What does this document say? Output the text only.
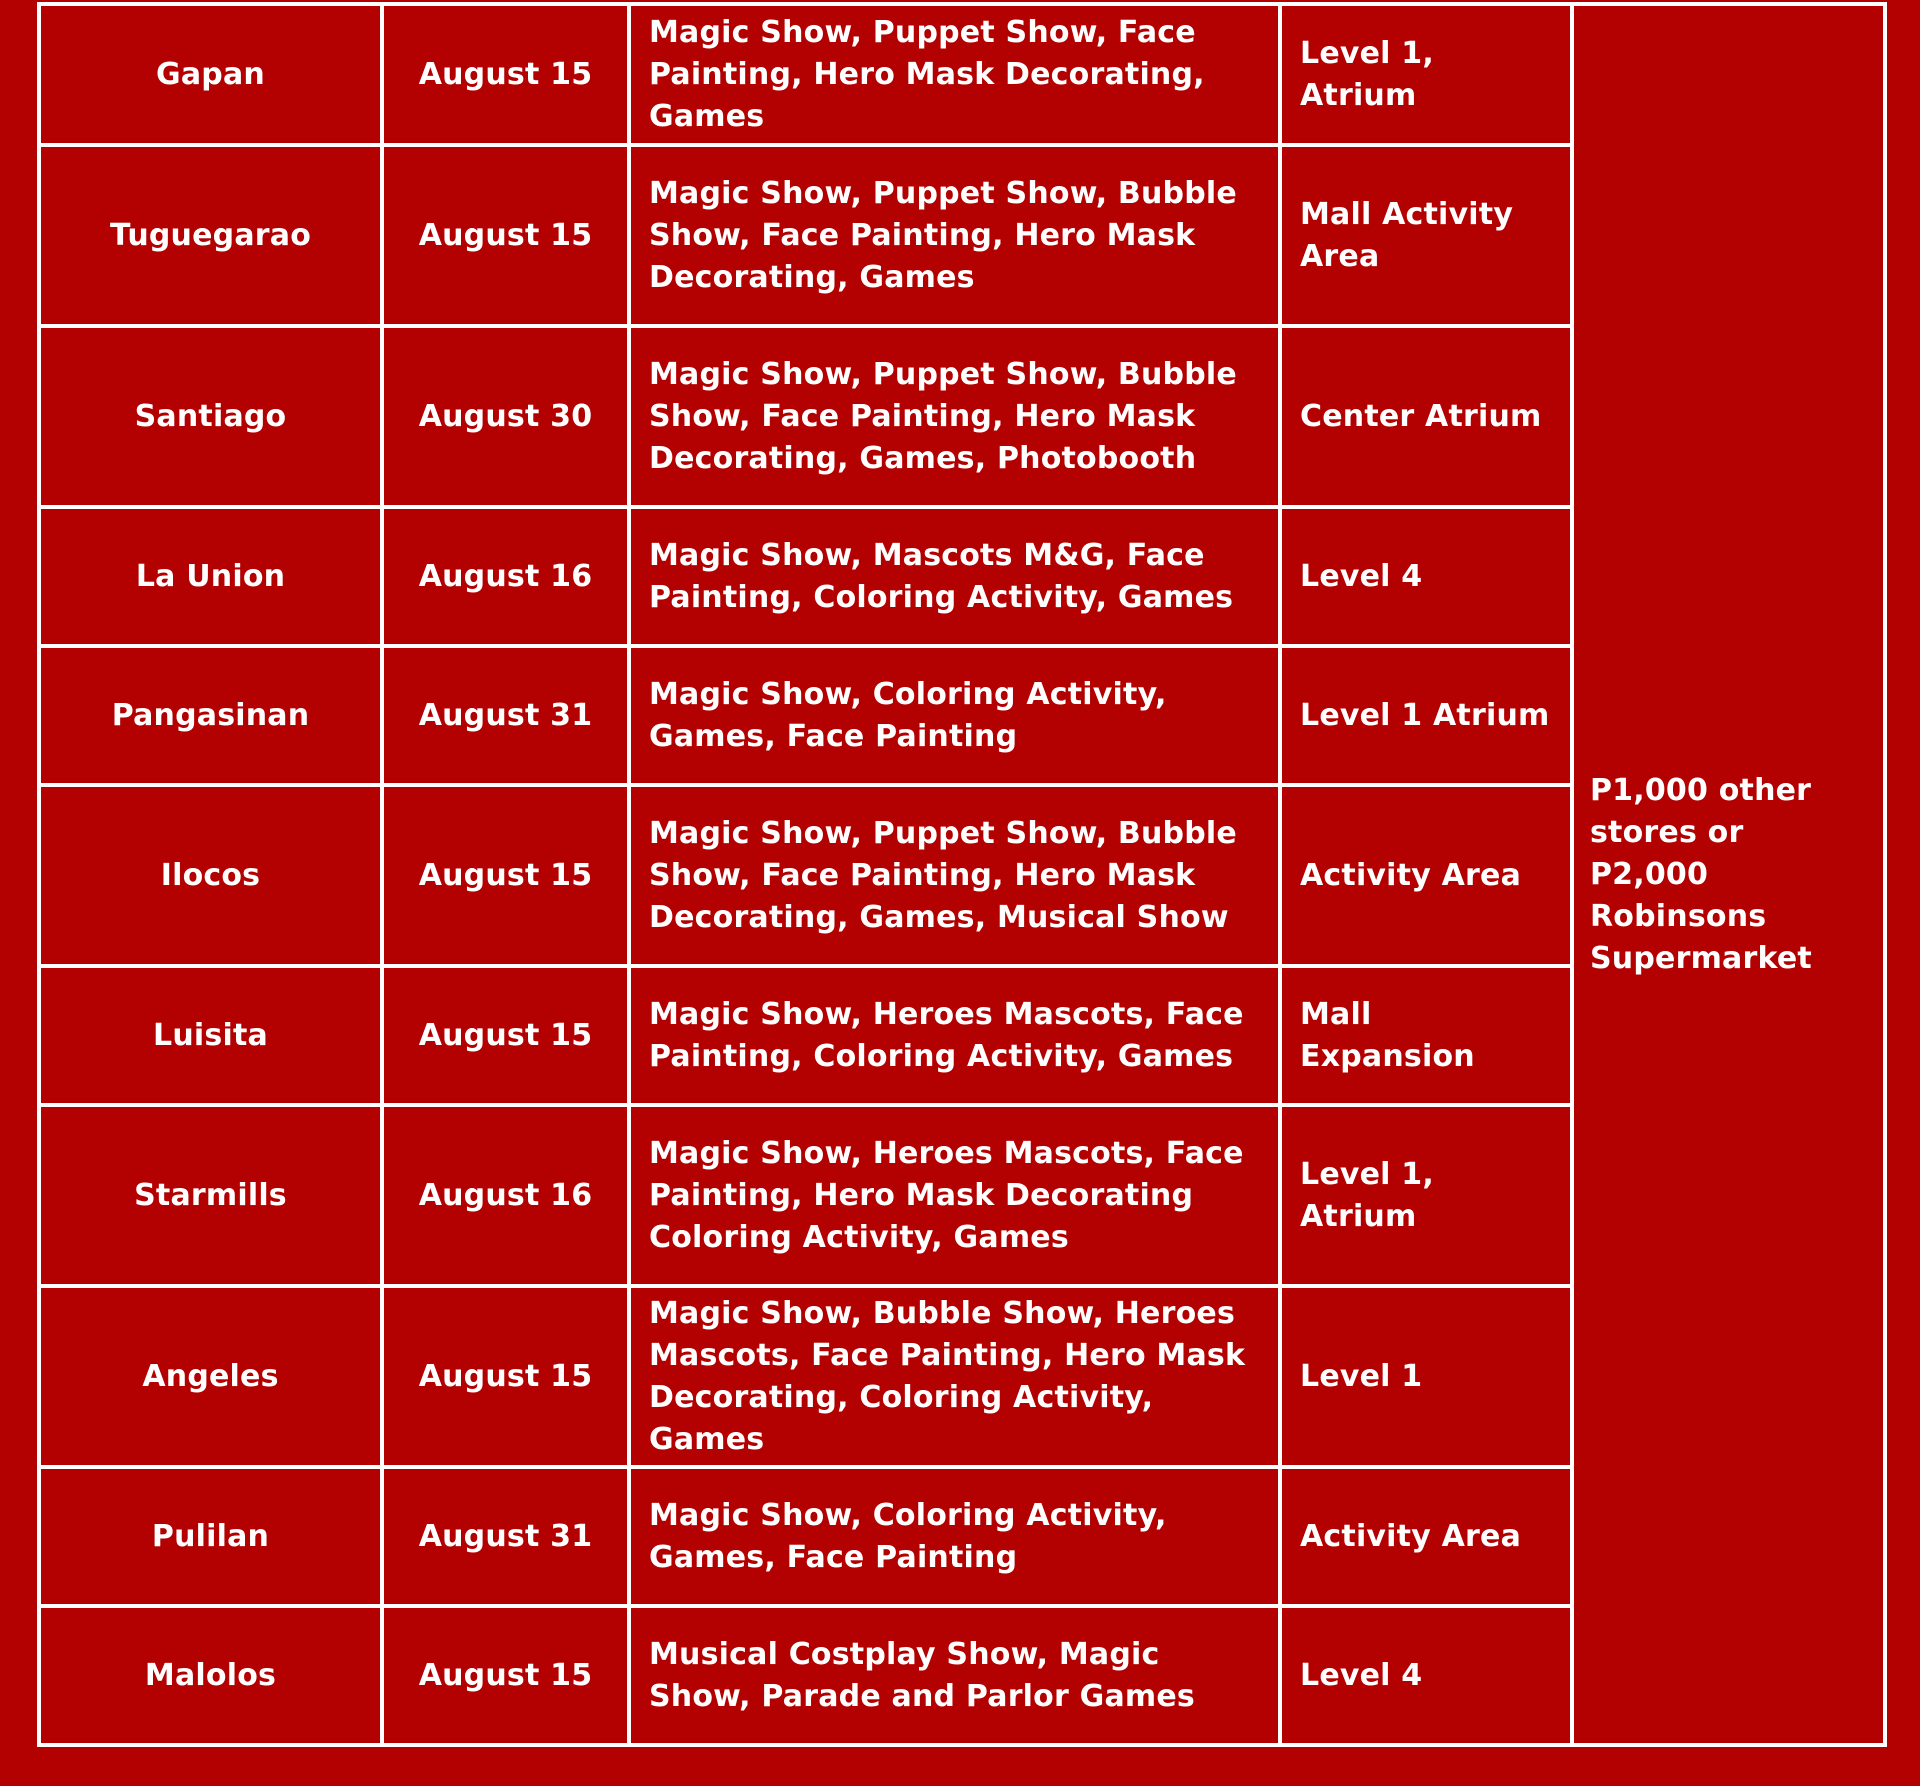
Gapan	August 15	Magic Show, Puppet Show, Face Painting, Hero Mask Decorating, Games	Level 1, Atrium	P1,000 other stores or P2,000 Robinsons Supermarket
Tuguegarao	August 15	Magic Show, Puppet Show, Bubble Show, Face Painting, Hero Mask Decorating, Games	Mall Activity Area	
Santiago	August 30	Magic Show, Puppet Show, Bubble Show, Face Painting, Hero Mask Decorating, Games, Photobooth	Center Atrium	
La Union	August 16	Magic Show, Mascots M&G, Face Painting, Coloring Activity, Games	Level 4	
Pangasinan	August 31	Magic Show, Coloring Activity, Games, Face Painting	Level 1 Atrium	
Ilocos	August 15	Magic Show, Puppet Show, Bubble Show, Face Painting, Hero Mask Decorating, Games, Musical Show	Activity Area	
Luisita	August 15	Magic Show, Heroes Mascots, Face Painting, Coloring Activity, Games	Mall Expansion	
Starmills	August 16	Magic Show, Heroes Mascots, Face Painting, Hero Mask Decorating Coloring Activity, Games	Level 1, Atrium	
Angeles	August 15	Magic Show, Bubble Show, Heroes Mascots, Face Painting, Hero Mask Decorating, Coloring Activity, Games	Level 1	
Pulilan	August 31	Magic Show, Coloring Activity, Games, Face Painting	Activity Area	
Malolos	August 15	Musical Costplay Show, Magic Show, Parade and Parlor Games	Level 4	
